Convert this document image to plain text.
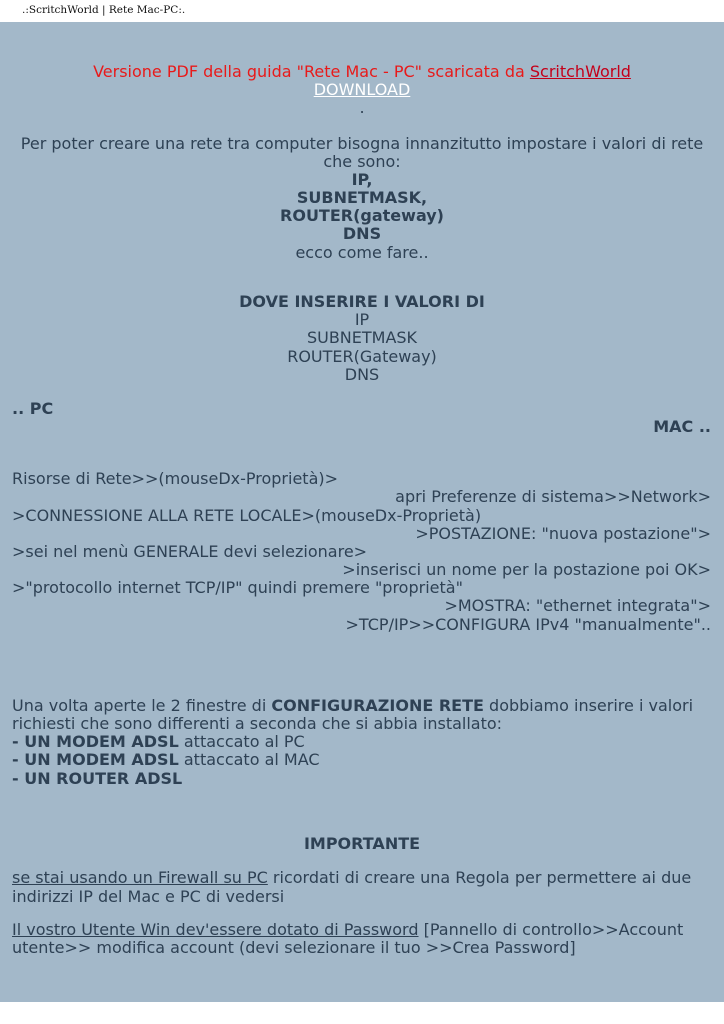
.:ScritchWorld | Rete Mac-PC:.
Versione PDF della guida "Rete Mac - PC" scaricata da ScritchWorld
DOWNLOAD
.
Per poter creare una rete tra computer bisogna innanzitutto impostare i valori di rete
che sono:
IP,
SUBNETMASK,
ROUTER(gateway)
DNS
ecco come fare..
DOVE INSERIRE I VALORI DI
IP
SUBNETMASK
ROUTER(Gateway)
DNS
.. PC
MAC ..
Risorse di Rete>>(mouseDx-Proprietà)>
apri Preferenze di sistema>>Network>
>CONNESSIONE ALLA RETE LOCALE>(mouseDx-Proprietà)
>POSTAZIONE: "nuova postazione">
>sei nel menù GENERALE devi selezionare>
>inserisci un nome per la postazione poi OK>
>"protocollo internet TCP/IP" quindi premere "proprietà"
>MOSTRA: "ethernet integrata">
>TCP/IP>>CONFIGURA IPv4 "manualmente"..
Una volta aperte le 2 finestre di CONFIGURAZIONE RETE dobbiamo inserire i valori
richiesti che sono differenti a seconda che si abbia installato:
- UN MODEM ADSL attaccato al PC
- UN MODEM ADSL attaccato al MAC
- UN ROUTER ADSL
IMPORTANTE
se stai usando un Firewall su PC ricordati di creare una Regola per permettere ai due
indirizzi IP del Mac e PC di vedersi
Il vostro Utente Win dev'essere dotato di Password [Pannello di controllo>>Account
utente>> modifica account (devi selezionare il tuo >>Crea Password]
